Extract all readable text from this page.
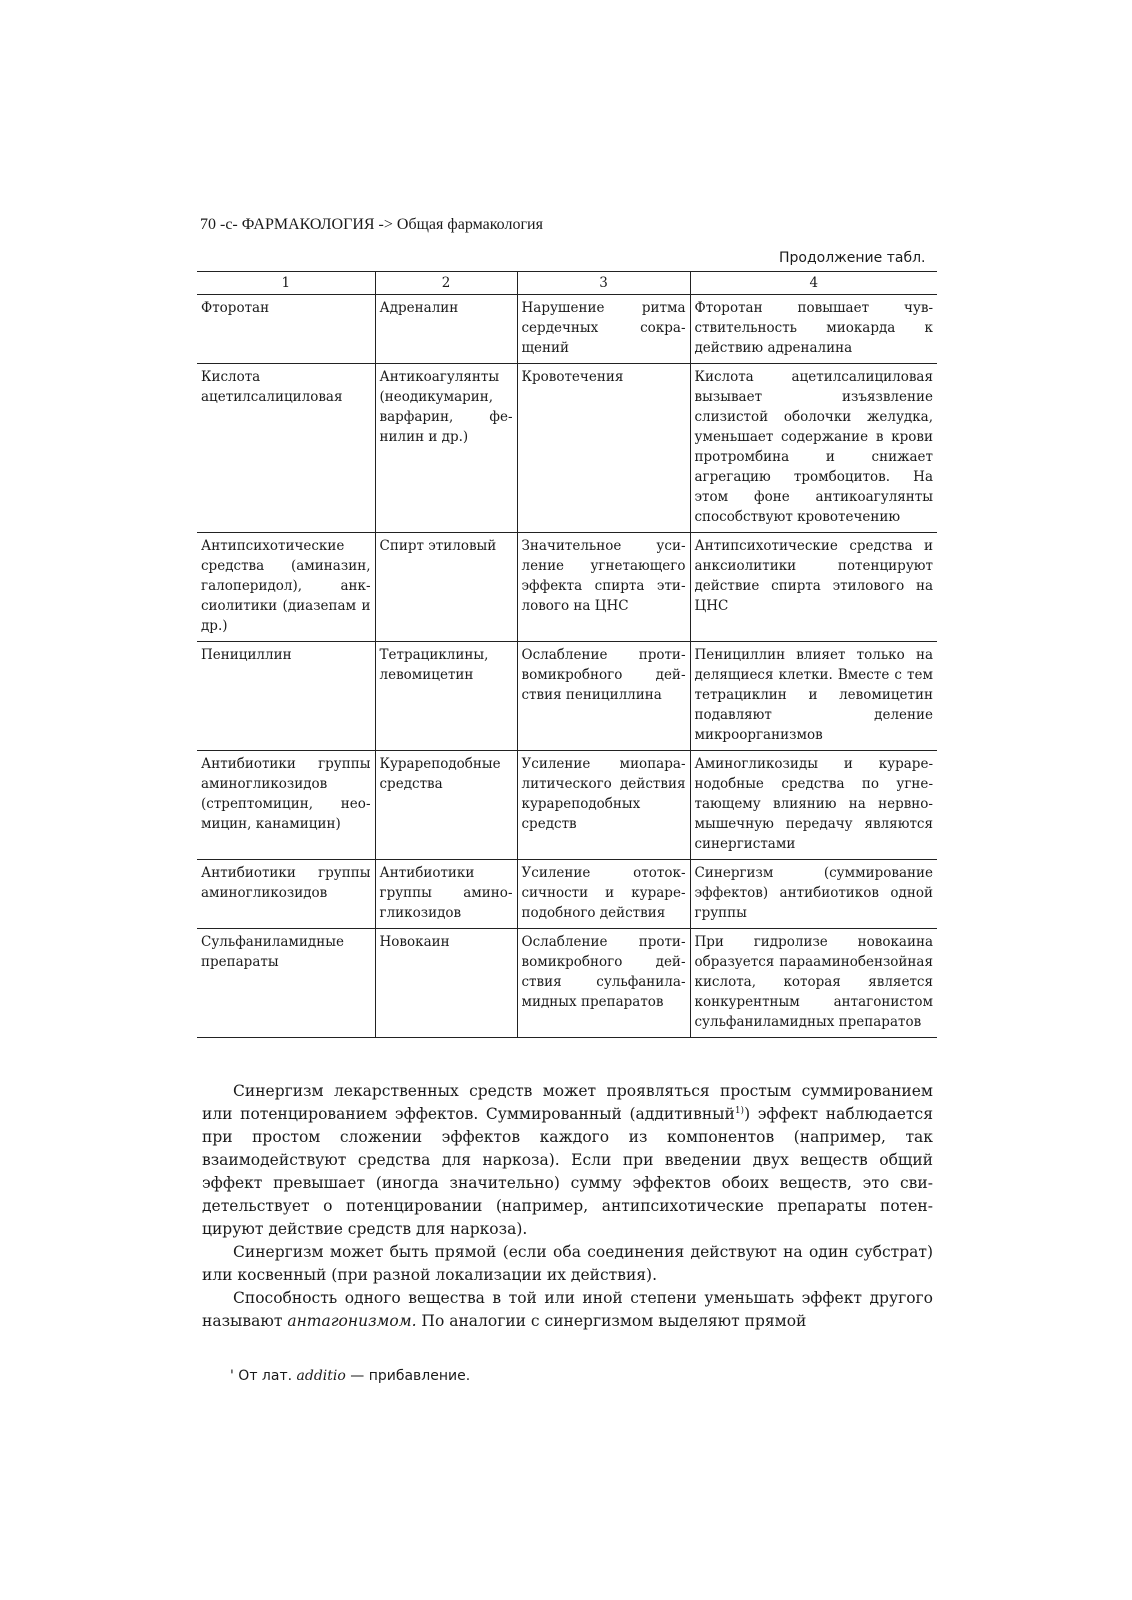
70 -с- ФАРМАКОЛОГИЯ -> Общая фармакология
Продолжение табл.
1	2	3	4
Фторотан	Адреналин	Нарушение ритма сердечных сокращений	Фторотан повышает чувствительность миокарда к действию адреналина
Кислота ацетилсалициловая	Антикоагулянты (неодикумарин, варфарин, фенилин и др.)	Кровотечения	Кислота ацетилсалициловая вызывает изъязвление слизистой оболочки желудка, уменьшает содержание в крови протромбина и снижает агрегацию тромбоцитов. На этом фоне антикоагулянты способствуют кровотечению
Антипсихотические средства (аминазин, галоперидол), анксиолитики (диазепам и др.)	Спирт этиловый	Значительное усиление угнетающего эффекта спирта этилового на ЦНС	Антипсихотические средства и анксиолитики потенцируют действие спирта этилового на ЦНС
Пенициллин	Тетрациклины, левомицетин	Ослабление противомикробного действия пенициллина	Пенициллин влияет только на делящиеся клетки. Вместе с тем тетрациклин и левомицетин подавляют деление микроорганизмов
Антибиотики группы аминогликозидов (стрептомицин, неомицин, канамицин)	Курареподобные средства	Усиление миопаралитического действия курареподобных средств	Аминогликозиды и кураренодобные средства по угнетающему влиянию на нервно-мышечную передачу являются синергистами
Антибиотики группы аминогликозидов	Антибиотики группы аминогликозидов	Усиление ототоксичности и курареподобного действия	Синергизм (суммирование эффектов) антибиотиков одной группы
Сульфаниламидные препараты	Новокаин	Ослабление противомикробного действия сульфаниламидных препаратов	При гидролизе новокаина образуется парааминобензойная кислота, которая является конкурентным антагонистом сульфаниламидных препаратов

Синергизм лекарственных средств может проявляться простым суммированием или потенцированием эффектов. Суммированный (аддитивный$^{1)}$) эффект наблюдается при простом сложении эффектов каждого из компонентов (например, так взаимодействуют средства для наркоза). Если при введении двух веществ общий эффект превышает (иногда значительно) сумму эффектов обоих веществ, это свидетельствует о потенцировании (например, антипсихотические препараты потенцируют действие средств для наркоза).

Синергизм может быть прямой (если оба соединения действуют на один субстрат) или косвенный (при разной локализации их действия).

Способность одного вещества в той или иной степени уменьшать эффект другого называют антагонизмом. По аналогии с синергизмом выделяют прямой

' От лат. additio — прибавление.
